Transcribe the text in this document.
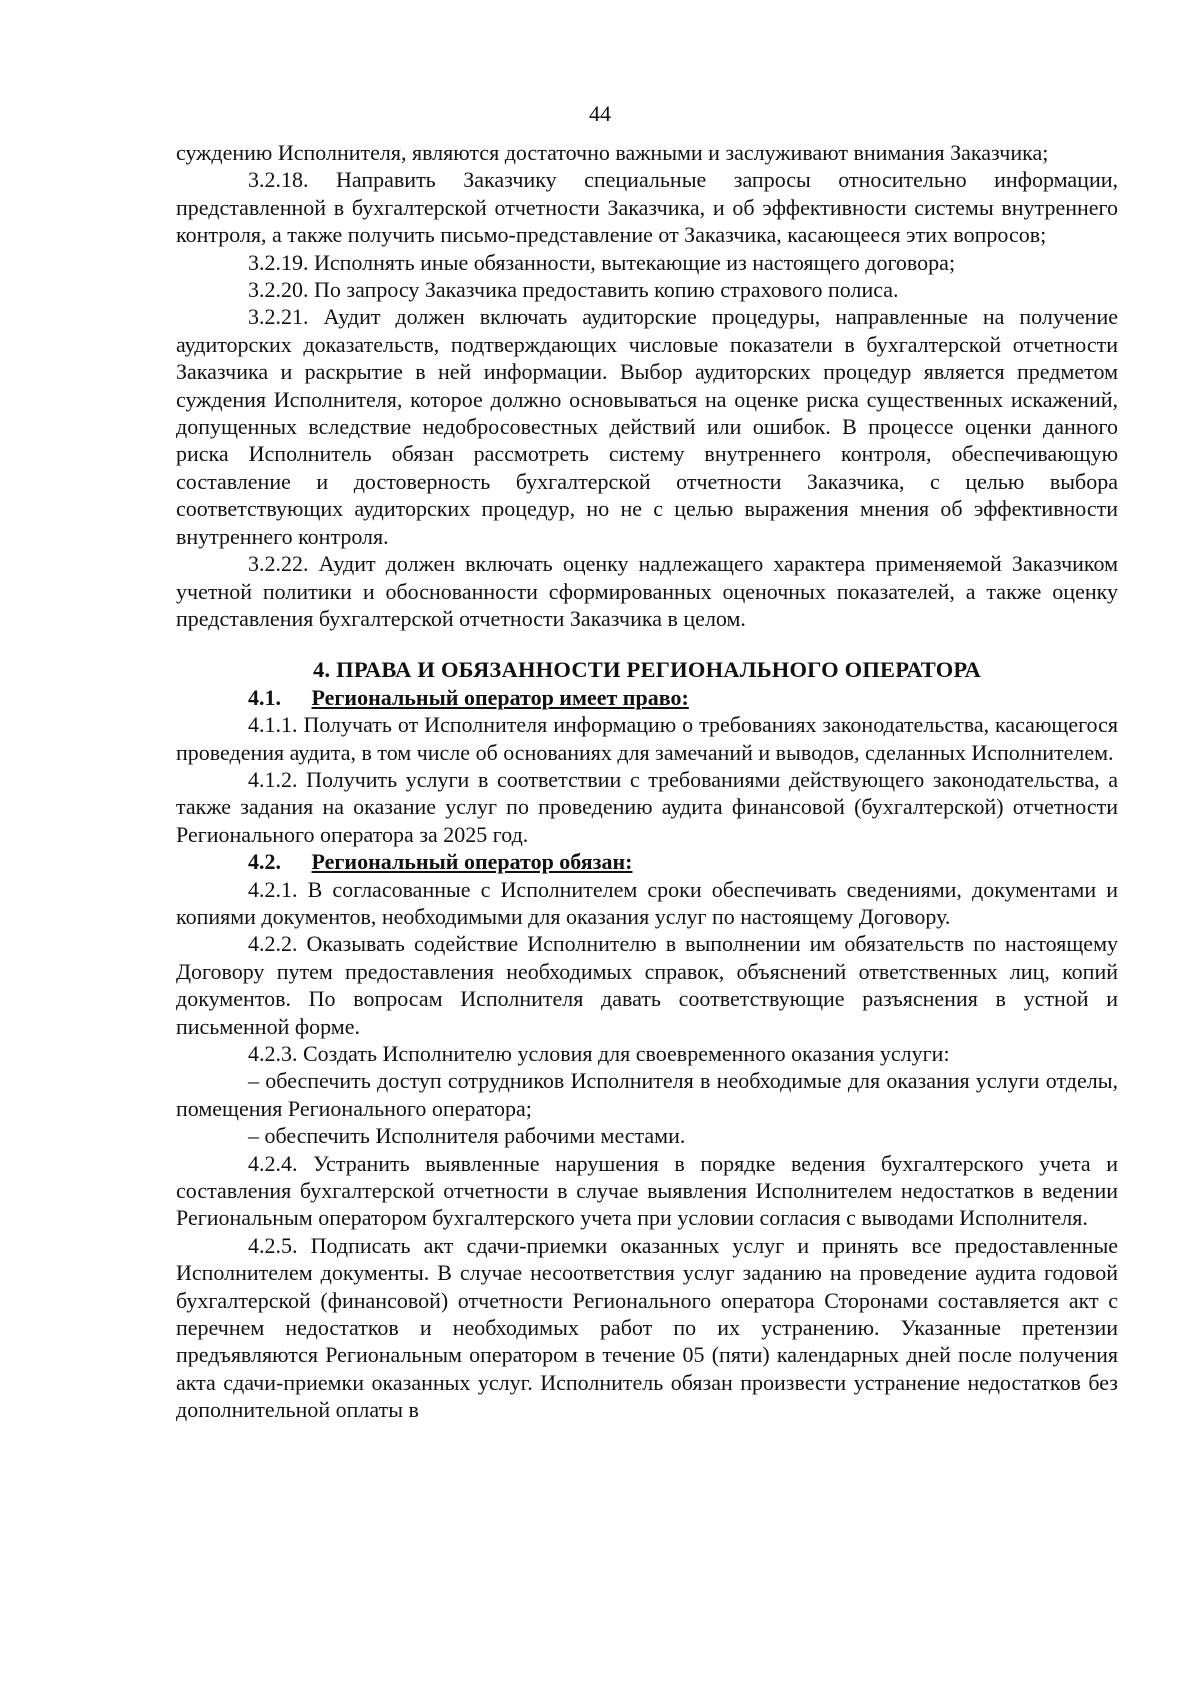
44

суждению Исполнителя, являются достаточно важными и заслуживают внимания Заказчика;

3.2.18. Направить Заказчику специальные запросы относительно информации, представленной в бухгалтерской отчетности Заказчика, и об эффективности системы внутреннего контроля, а также получить письмо-представление от Заказчика, касающееся этих вопросов;

3.2.19. Исполнять иные обязанности, вытекающие из настоящего договора;

3.2.20. По запросу Заказчика предоставить копию страхового полиса.

3.2.21. Аудит должен включать аудиторские процедуры, направленные на получение аудиторских доказательств, подтверждающих числовые показатели в бухгалтерской отчетности Заказчика и раскрытие в ней информации. Выбор аудиторских процедур является предметом суждения Исполнителя, которое должно основываться на оценке риска существенных искажений, допущенных вследствие недобросовестных действий или ошибок. В процессе оценки данного риска Исполнитель обязан рассмотреть систему внутреннего контроля, обеспечивающую составление и достоверность бухгалтерской отчетности Заказчика, с целью выбора соответствующих аудиторских процедур, но не с целью выражения мнения об эффективности внутреннего контроля.

3.2.22. Аудит должен включать оценку надлежащего характера применяемой Заказчиком учетной политики и обоснованности сформированных оценочных показателей, а также оценку представления бухгалтерской отчетности Заказчика в целом.

4. ПРАВА И ОБЯЗАННОСТИ РЕГИОНАЛЬНОГО ОПЕРАТОРА
4.1. Региональный оператор имеет право:

4.1.1. Получать от Исполнителя информацию о требованиях законодательства, касающегося проведения аудита, в том числе об основаниях для замечаний и выводов, сделанных Исполнителем.

4.1.2. Получить услуги в соответствии с требованиями действующего законодательства, а также задания на оказание услуг по проведению аудита финансовой (бухгалтерской) отчетности Регионального оператора за 2025 год.

4.2. Региональный оператор обязан:

4.2.1. В согласованные с Исполнителем сроки обеспечивать сведениями, документами и копиями документов, необходимыми для оказания услуг по настоящему Договору.

4.2.2. Оказывать содействие Исполнителю в выполнении им обязательств по настоящему Договору путем предоставления необходимых справок, объяснений ответственных лиц, копий документов. По вопросам Исполнителя давать соответствующие разъяснения в устной и письменной форме.

4.2.3. Создать Исполнителю условия для своевременного оказания услуги:

– обеспечить доступ сотрудников Исполнителя в необходимые для оказания услуги отделы, помещения Регионального оператора;

– обеспечить Исполнителя рабочими местами.

4.2.4. Устранить выявленные нарушения в порядке ведения бухгалтерского учета и составления бухгалтерской отчетности в случае выявления Исполнителем недостатков в ведении Региональным оператором бухгалтерского учета при условии согласия с выводами Исполнителя.

4.2.5. Подписать акт сдачи-приемки оказанных услуг и принять все предоставленные Исполнителем документы. В случае несоответствия услуг заданию на проведение аудита годовой бухгалтерской (финансовой) отчетности Регионального оператора Сторонами составляется акт с перечнем недостатков и необходимых работ по их устранению. Указанные претензии предъявляются Региональным оператором в течение 05 (пяти) календарных дней после получения акта сдачи-приемки оказанных услуг. Исполнитель обязан произвести устранение недостатков без дополнительной оплаты в
